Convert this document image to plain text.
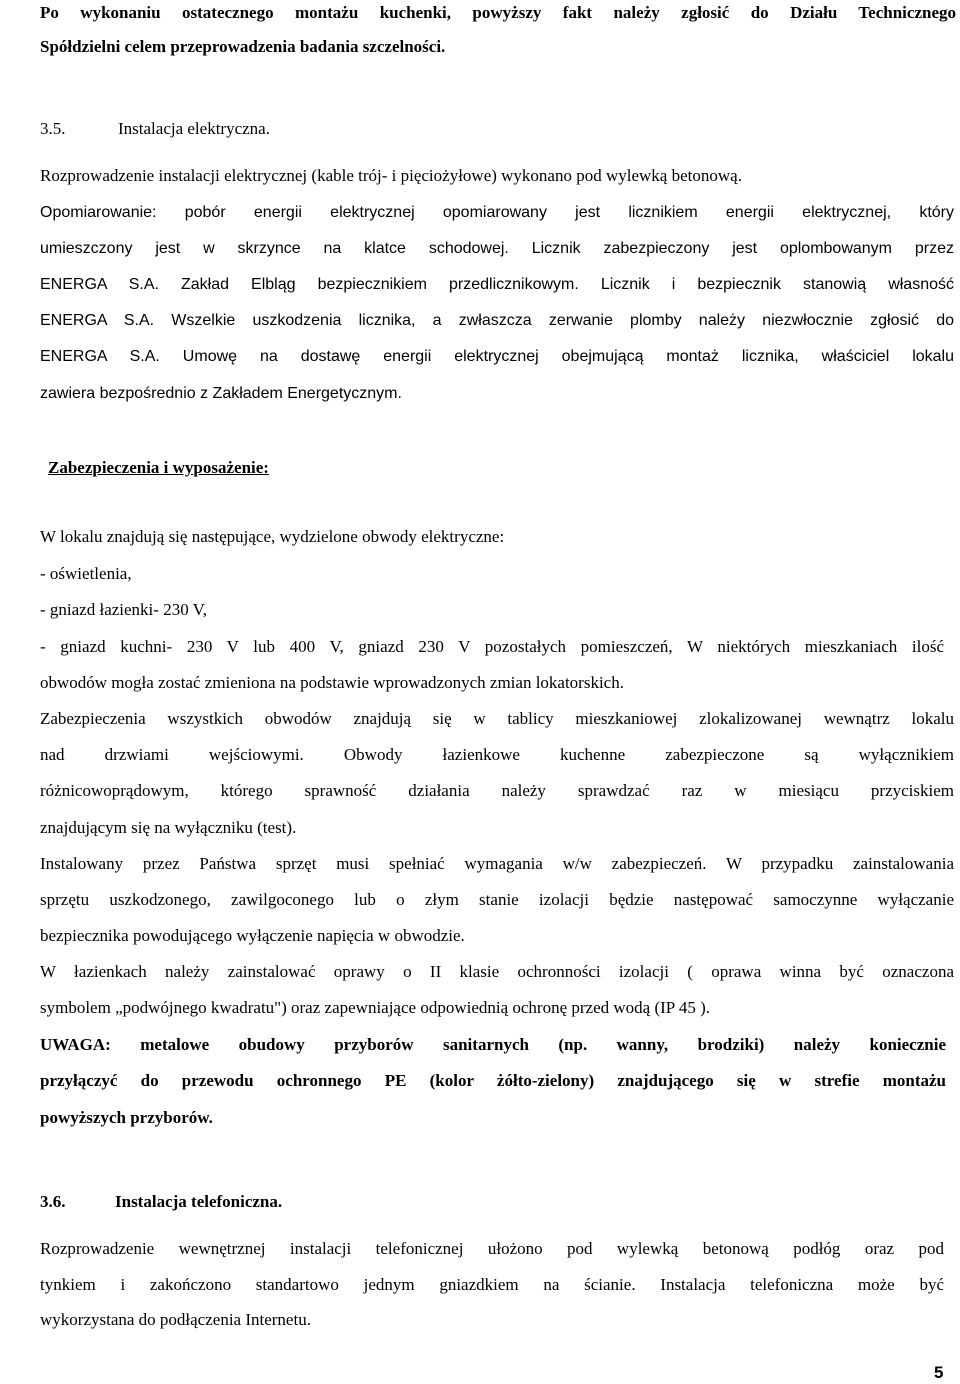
Po wykonaniu ostatecznego montażu kuchenki, powyższy fakt należy zgłosić do Działu Technicznego
Spółdzielni celem przeprowadzenia badania szczelności.
3.5.	Instalacja elektryczna.
Rozprowadzenie instalacji elektrycznej (kable trój- i pięciożyłowe) wykonano pod wylewką betonową.
Opomiarowanie: pobór energii elektrycznej opomiarowany jest licznikiem energii elektrycznej, który
umieszczony jest w skrzynce na klatce schodowej. Licznik zabezpieczony jest oplombowanym przez
ENERGA S.A. Zakład Elbląg bezpiecznikiem przedlicznikowym. Licznik i bezpiecznik stanowią własność
ENERGA S.A. Wszelkie uszkodzenia licznika, a zwłaszcza zerwanie plomby należy niezwłocznie zgłosić do
ENERGA S.A. Umowę na dostawę energii elektrycznej obejmującą montaż licznika, właściciel lokalu
zawiera bezpośrednio z Zakładem Energetycznym.
Zabezpieczenia i wyposażenie:
W lokalu znajdują się następujące, wydzielone obwody elektryczne:
- oświetlenia,
- gniazd łazienki- 230 V,
- gniazd kuchni- 230 V lub 400 V, gniazd 230 V pozostałych pomieszczeń, W niektórych mieszkaniach ilość
obwodów mogła zostać zmieniona na podstawie wprowadzonych zmian lokatorskich.
Zabezpieczenia wszystkich obwodów znajdują się w tablicy mieszkaniowej zlokalizowanej wewnątrz lokalu
nad drzwiami wejściowymi. Obwody łazienkowe kuchenne zabezpieczone są wyłącznikiem
różnicowoprądowym, którego sprawność działania należy sprawdzać raz w miesiącu przyciskiem
znajdującym się na wyłączniku (test).
Instalowany przez Państwa sprzęt musi spełniać wymagania w/w zabezpieczeń. W przypadku zainstalowania
sprzętu uszkodzonego, zawilgoconego lub o złym stanie izolacji będzie następować samoczynne wyłączanie
bezpiecznika powodującego wyłączenie napięcia w obwodzie.
W łazienkach należy zainstalować oprawy o II klasie ochronności izolacji ( oprawa winna być oznaczona
symbolem „podwójnego kwadratu") oraz zapewniające odpowiednią ochronę przed wodą (IP 45 ).
UWAGA: metalowe obudowy przyborów sanitarnych (np. wanny, brodziki) należy koniecznie
przyłączyć do przewodu ochronnego PE (kolor żółto-zielony) znajdującego się w strefie montażu
powyższych przyborów.
3.6.	Instalacja telefoniczna.
Rozprowadzenie wewnętrznej instalacji telefonicznej ułożono pod wylewką betonową podłóg oraz pod
tynkiem i zakończono standartowo jednym gniazdkiem na ścianie. Instalacja telefoniczna może być
wykorzystana do podłączenia Internetu.
5
